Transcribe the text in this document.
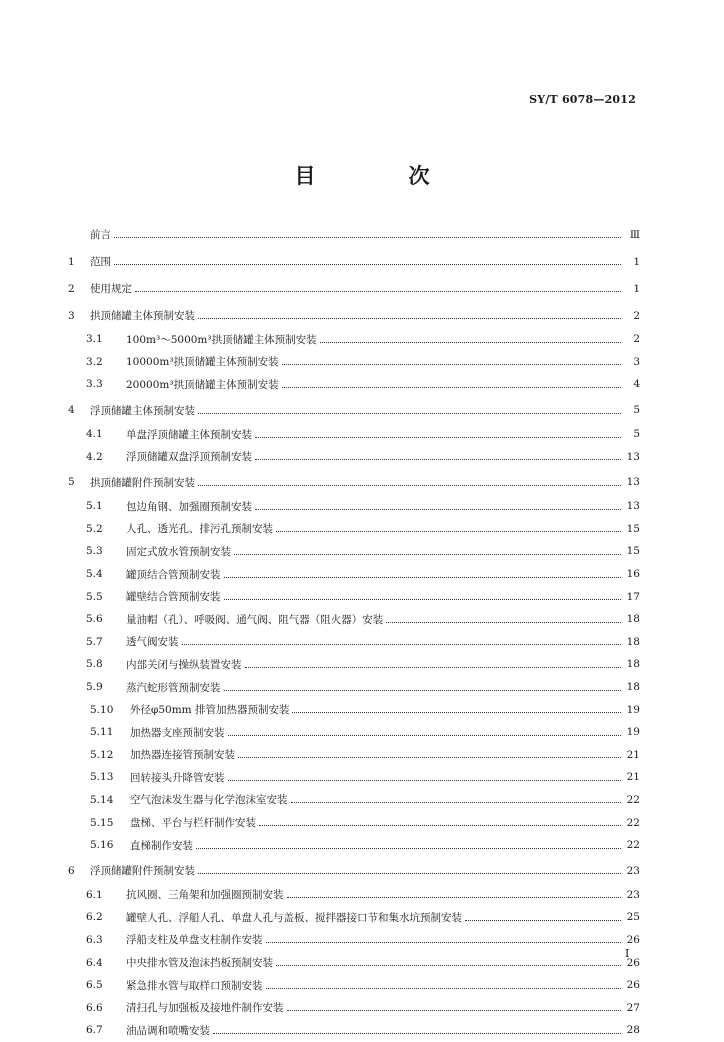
SY/T 6078—2012
目　次
前言	Ⅲ
1	范围	1
2	使用规定	1
3	拱顶储罐主体预制安装	2
3.1	100m³～5000m³拱顶储罐主体预制安装	2
3.2	10000m³拱顶储罐主体预制安装	3
3.3	20000m³拱顶储罐主体预制安装	4
4	浮顶储罐主体预制安装	5
4.1	单盘浮顶储罐主体预制安装	5
4.2	浮顶储罐双盘浮顶预制安装	13
5	拱顶储罐附件预制安装	13
5.1	包边角钢、加强圈预制安装	13
5.2	人孔、透光孔、排污孔预制安装	15
5.3	固定式放水管预制安装	15
5.4	罐顶结合管预制安装	16
5.5	罐壁结合管预制安装	17
5.6	量油帽（孔）、呼吸阀、通气阀、阻气器（阻火器）安装	18
5.7	透气阀安装	18
5.8	内部关闭与操纵装置安装	18
5.9	蒸汽蛇形管预制安装	18
5.10	外径φ50mm 排管加热器预制安装	19
5.11	加热器支座预制安装	19
5.12	加热器连接管预制安装	21
5.13	回转接头升降管安装	21
5.14	空气泡沫发生器与化学泡沫室安装	22
5.15	盘梯、平台与栏杆制作安装	22
5.16	直梯制作安装	22
6	浮顶储罐附件预制安装	23
6.1	抗风圈、三角架和加强圈预制安装	23
6.2	罐壁人孔、浮船人孔、单盘人孔与盖板、搅拌器接口节和集水坑预制安装	25
6.3	浮船支柱及单盘支柱制作安装	26
6.4	中央排水管及泡沫挡板预制安装	26
6.5	紧急排水管与取样口预制安装	26
6.6	清扫孔与加强板及接地件制作安装	27
6.7	油品调和喷嘴安装	28
I
